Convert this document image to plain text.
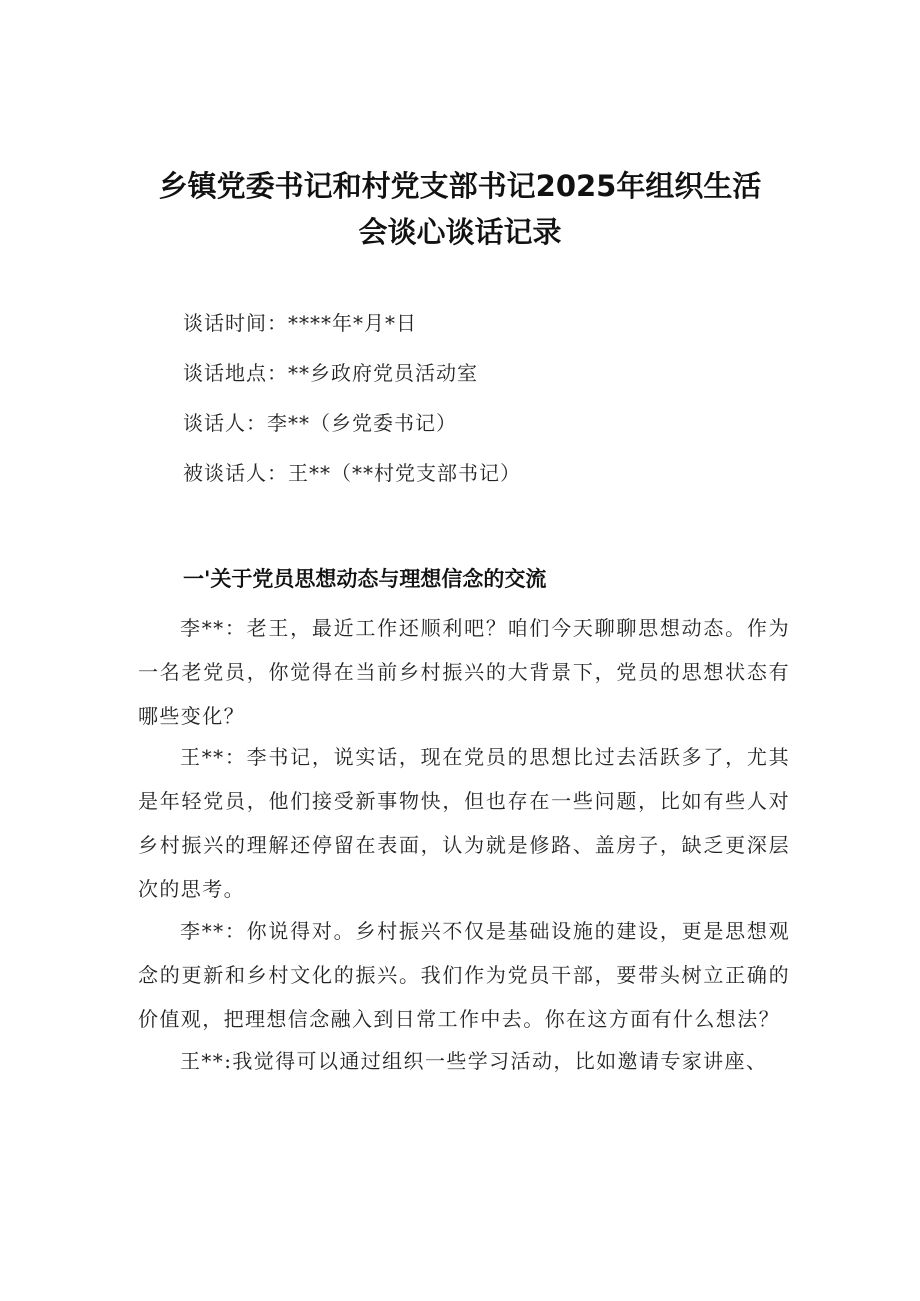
乡镇党委书记和村党支部书记2025年组织生活
会谈心谈话记录
谈话时间：****年*月*日
谈话地点：**乡政府党员活动室
谈话人：李**（乡党委书记）
被谈话人：王**（**村党支部书记）
一'关于党员思想动态与理想信念的交流

李**：老王，最近工作还顺利吧？咱们今天聊聊思想动态。作为一名老党员，你觉得在当前乡村振兴的大背景下，党员的思想状态有哪些变化？

王**：李书记，说实话，现在党员的思想比过去活跃多了，尤其是年轻党员，他们接受新事物快，但也存在一些问题，比如有些人对乡村振兴的理解还停留在表面，认为就是修路、盖房子，缺乏更深层次的思考。

李**：你说得对。乡村振兴不仅是基础设施的建设，更是思想观念的更新和乡村文化的振兴。我们作为党员干部，要带头树立正确的价值观，把理想信念融入到日常工作中去。你在这方面有什么想法？

王**:我觉得可以通过组织一些学习活动，比如邀请专家讲座、
